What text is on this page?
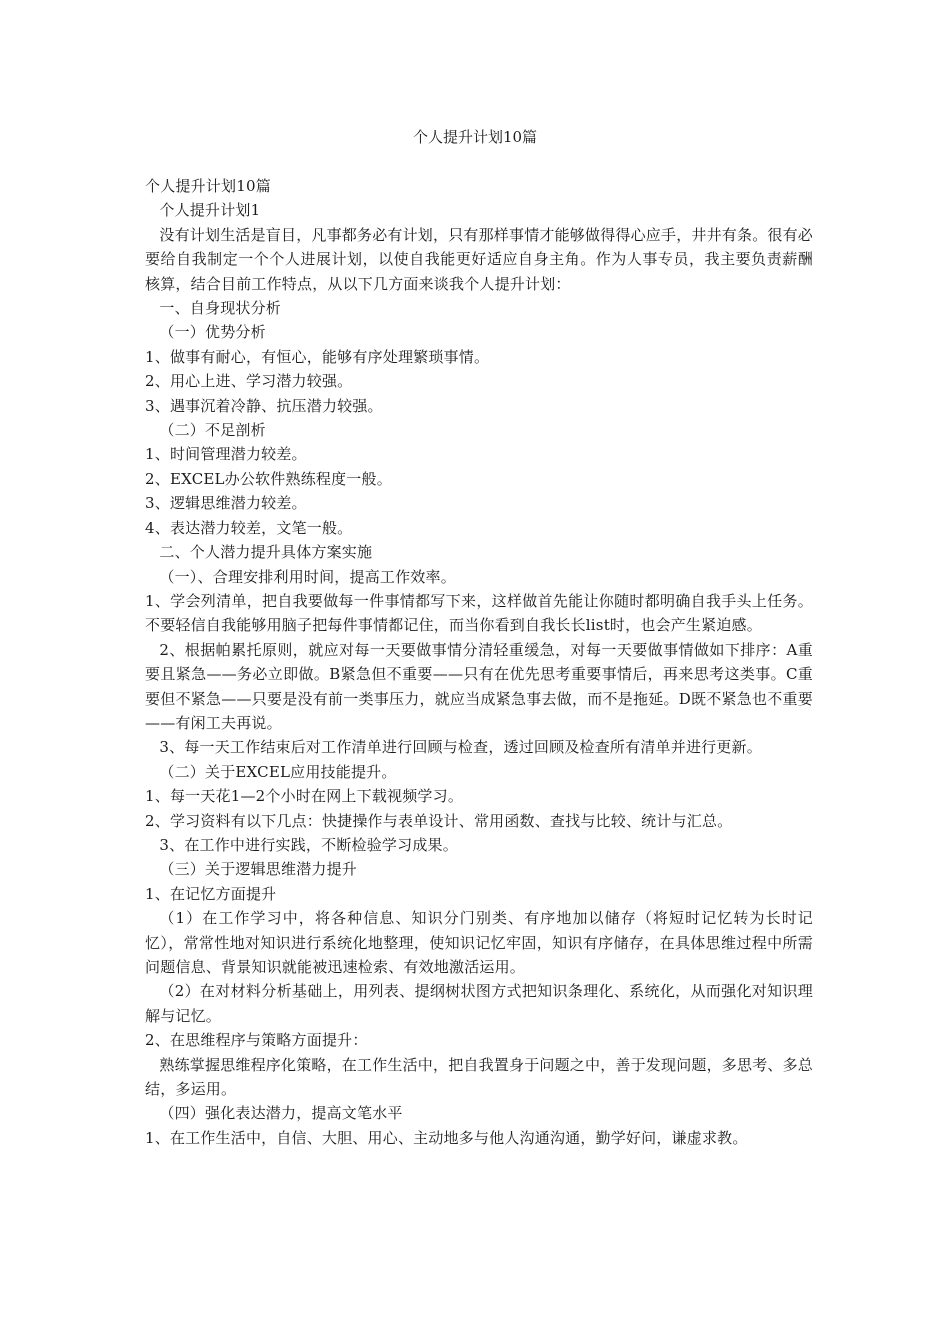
个人提升计划10篇

个人提升计划10篇

个人提升计划1

没有计划生活是盲目，凡事都务必有计划，只有那样事情才能够做得得心应手，井井有条。很有必要给自我制定一个个人进展计划，以使自我能更好适应自身主角。作为人事专员，我主要负责薪酬核算，结合目前工作特点，从以下几方面来谈我个人提升计划：

一、自身现状分析

（一）优势分析

1、做事有耐心，有恒心，能够有序处理繁琐事情。

2、用心上进、学习潜力较强。

3、遇事沉着冷静、抗压潜力较强。

（二）不足剖析

1、时间管理潜力较差。

2、EXCEL办公软件熟练程度一般。

3、逻辑思维潜力较差。

4、表达潜力较差，文笔一般。

二、个人潜力提升具体方案实施

（一）、合理安排利用时间，提高工作效率。

1、学会列清单，把自我要做每一件事情都写下来，这样做首先能让你随时都明确自我手头上任务。不要轻信自我能够用脑子把每件事情都记住，而当你看到自我长长list时，也会产生紧迫感。

2、根据帕累托原则，就应对每一天要做事情分清轻重缓急，对每一天要做事情做如下排序：A重要且紧急——务必立即做。B紧急但不重要——只有在优先思考重要事情后，再来思考这类事。C重要但不紧急——只要是没有前一类事压力，就应当成紧急事去做，而不是拖延。D既不紧急也不重要——有闲工夫再说。

3、每一天工作结束后对工作清单进行回顾与检查，透过回顾及检查所有清单并进行更新。

（二）关于EXCEL应用技能提升。

1、每一天花1—2个小时在网上下载视频学习。

2、学习资料有以下几点：快捷操作与表单设计、常用函数、查找与比较、统计与汇总。

3、在工作中进行实践，不断检验学习成果。

（三）关于逻辑思维潜力提升

1、在记忆方面提升

（1）在工作学习中，将各种信息、知识分门别类、有序地加以储存（将短时记忆转为长时记忆），常常性地对知识进行系统化地整理，使知识记忆牢固，知识有序储存，在具体思维过程中所需问题信息、背景知识就能被迅速检索、有效地激活运用。

（2）在对材料分析基础上，用列表、提纲树状图方式把知识条理化、系统化，从而强化对知识理解与记忆。

2、在思维程序与策略方面提升：

熟练掌握思维程序化策略，在工作生活中，把自我置身于问题之中，善于发现问题，多思考、多总结，多运用。

（四）强化表达潜力，提高文笔水平

1、在工作生活中，自信、大胆、用心、主动地多与他人沟通沟通，勤学好问，谦虚求教。
